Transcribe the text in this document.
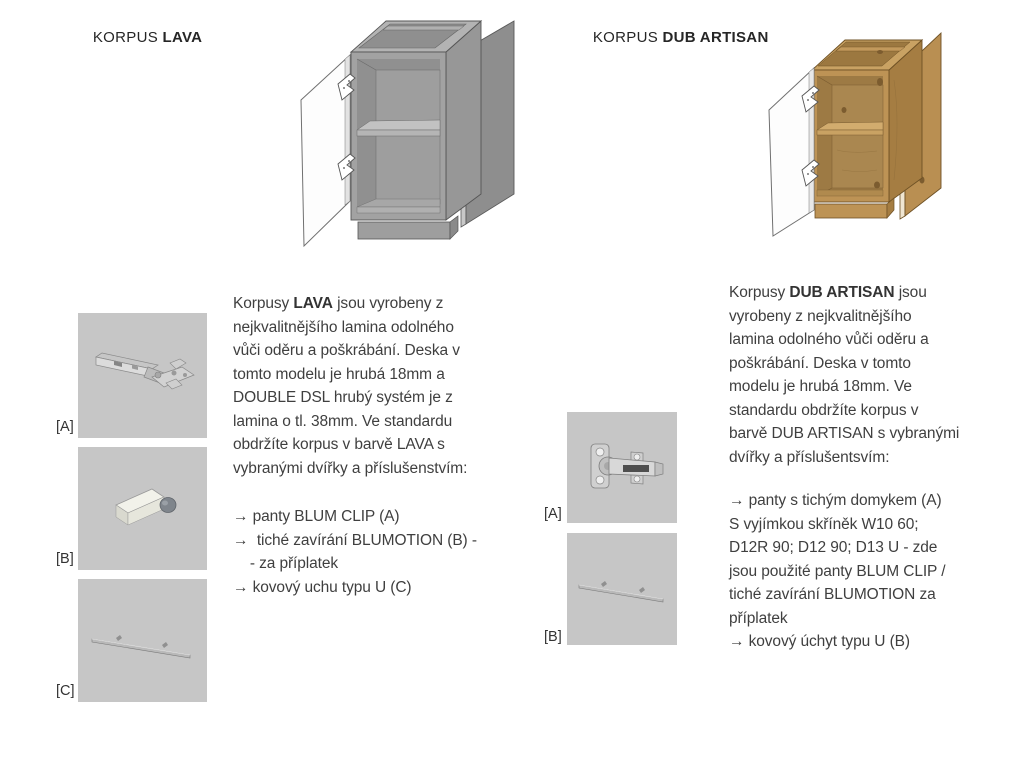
KORPUS LAVA

[A]
[B]
[C]
Korpusy LAVA jsou vyrobeny z
nejkvalitnějšího lamina odolného
vůči oděru a poškrábání. Deska v
tomto modelu je hrubá 18mm a
DOUBLE DSL hrubý systém je z
lamina o tl. 38mm. Ve standardu
obdržíte korpus v barvě LAVA s
vybranými dvířky a příslušenstvím:
→ panty BLUM CLIP (A)
→  tiché zavírání BLUMOTION (B) -
- za příplatek
→ kovový uchu typu U (C)

KORPUS DUB ARTISAN

[A]
[B]
Korpusy DUB ARTISAN jsou
vyrobeny z nejkvalitnějšího
lamina odolného vůči oděru a
poškrábání. Deska v tomto
modelu je hrubá 18mm. Ve
standardu obdržíte korpus v
barvě DUB ARTISAN s vybranými
dvířky a příslušentsvím:
→ panty s tichým domykem (A)
S vyjímkou skříněk W10 60;
D12R 90; D12 90; D13 U - zde
jsou použité panty BLUM CLIP /
tiché zavírání BLUMOTION za
příplatek
→ kovový úchyt typu U (B)
